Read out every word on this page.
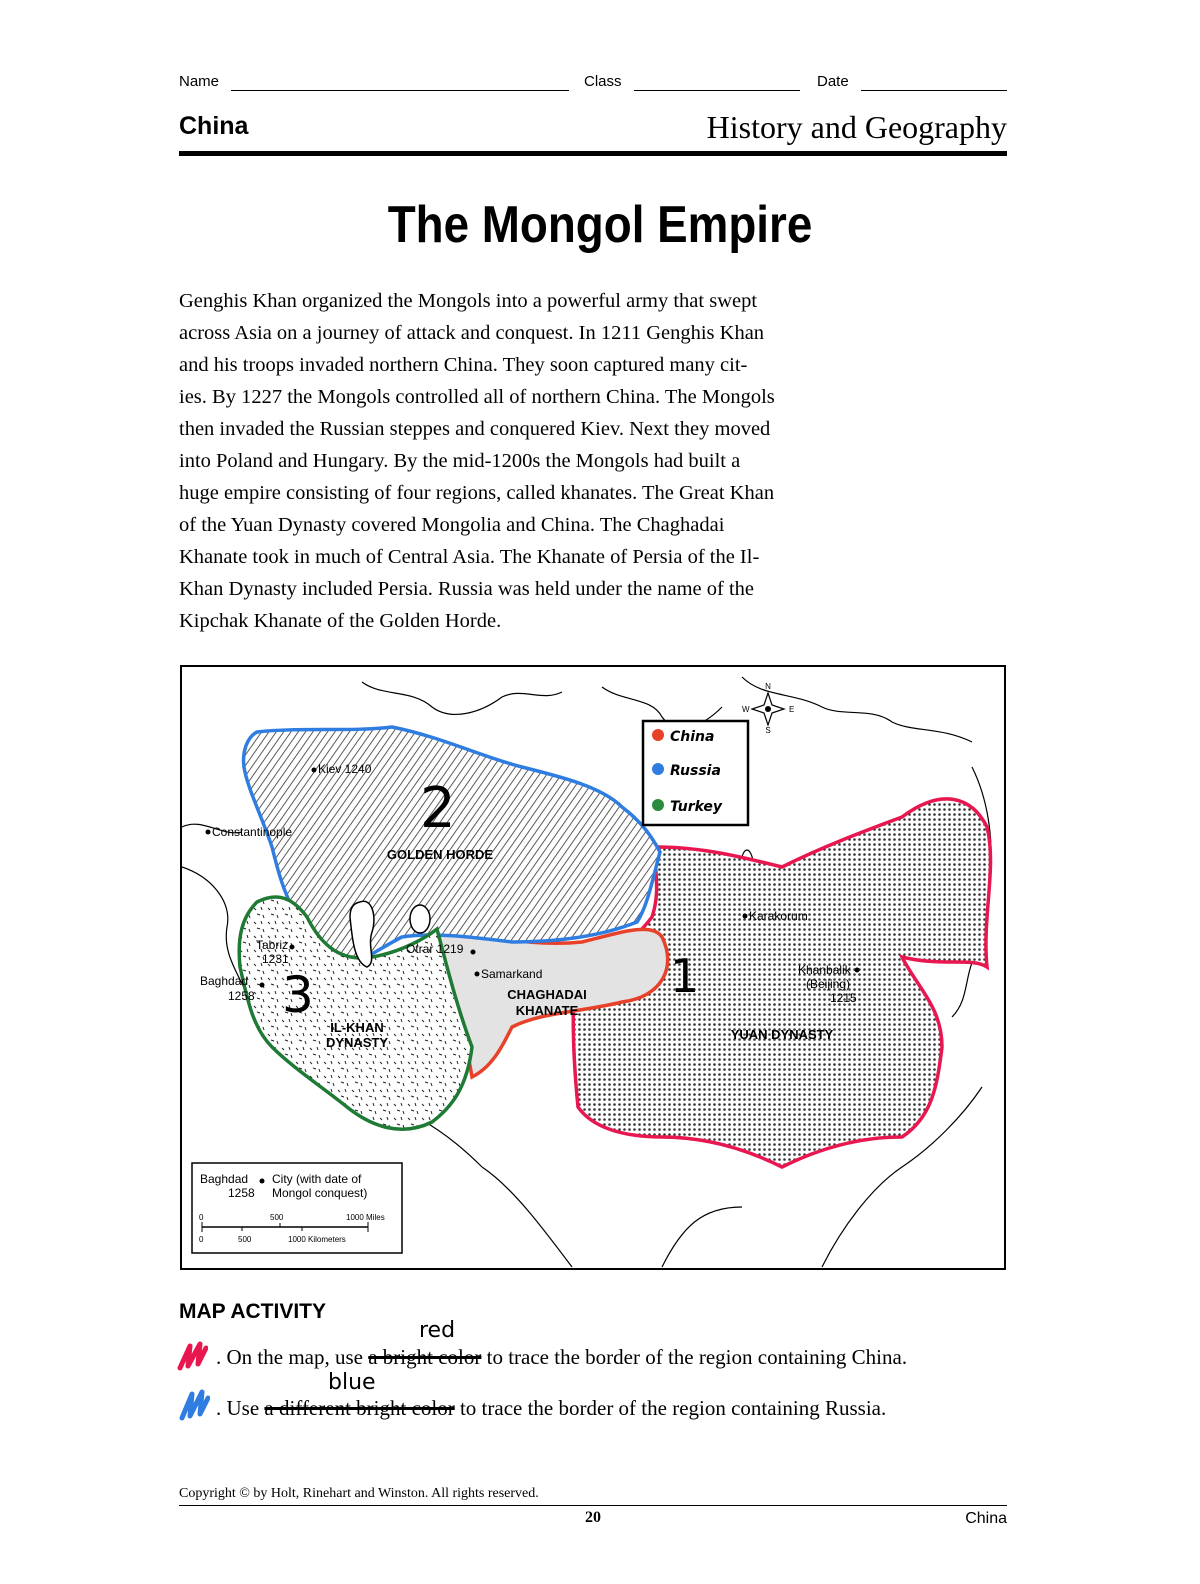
Name	Class	Date
China	History and Geography
The Mongol Empire
Genghis Khan organized the Mongols into a powerful army that swept
across Asia on a journey of attack and conquest. In 1211 Genghis Khan
and his troops invaded northern China. They soon captured many cit-
ies. By 1227 the Mongols controlled all of northern China. The Mongols
then invaded the Russian steppes and conquered Kiev. Next they moved
into Poland and Hungary. By the mid-1200s the Mongols had built a
huge empire consisting of four regions, called khanates. The Great Khan
of the Yuan Dynasty covered Mongolia and China. The Chaghadai
Khanate took in much of Central Asia. The Khanate of Persia of the Il-
Khan Dynasty included Persia. Russia was held under the name of the
Kipchak Khanate of the Golden Horde.
GOLDEN HORDE
CHAGHADAI
KHANATE
IL-KHAN
DYNASTY
YUAN DYNASTY
Kiev 1240
Constantinople
Tabriz
1231
Baghdad
1258
Otrar 1219
Samarkand
Karakorum
Khanbalik
(Beijing)
1215
N
S
E
W
China
Russia
Turkey
2
3	1
Baghdad
1258
City (with date of
Mongol conquest)
0	500	1000 Miles
0	500	1000 Kilometers
MAP ACTIVITY
. On the map, use a bright color to trace the border of the region containing China.
red
. Use a different bright color to trace the border of the region containing Russia.
blue
Copyright © by Holt, Rinehart and Winston. All rights reserved.
20	China
